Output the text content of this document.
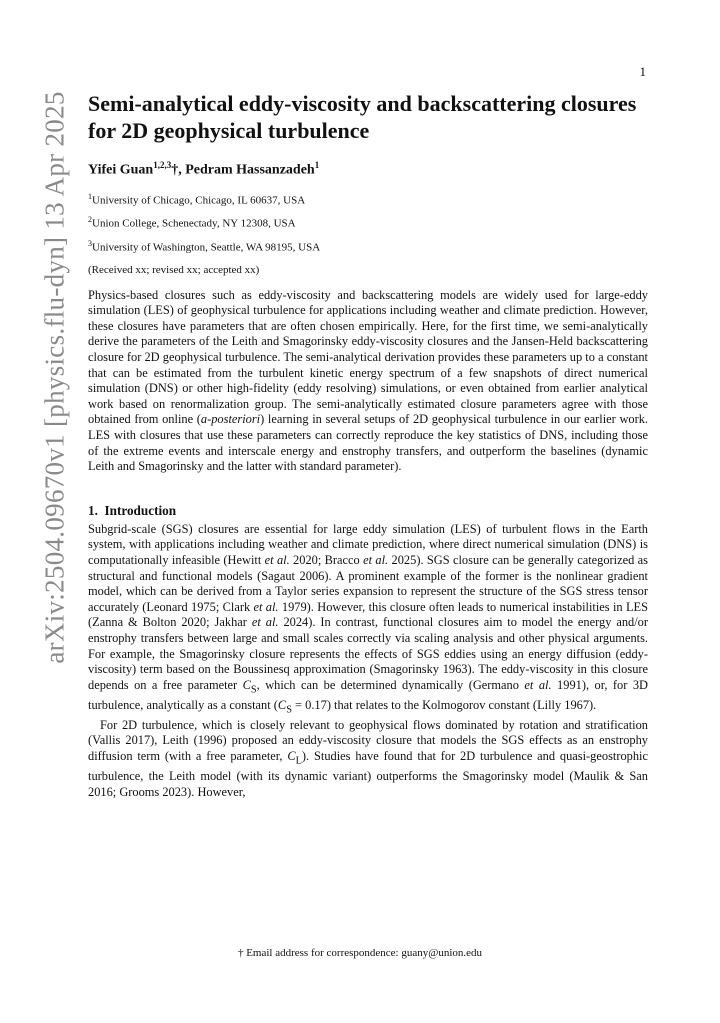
1
arXiv:2504.09670v1 [physics.flu-dyn] 13 Apr 2025 Semi-analytical eddy-viscosity and backscattering closures for 2D geophysical turbulence
Yifei Guan$^{1,2,3}$†, Pedram Hassanzadeh$^1$
$^1$University of Chicago, Chicago, IL 60637, USA
$^2$Union College, Schenectady, NY 12308, USA
$^3$University of Washington, Seattle, WA 98195, USA
(Received xx; revised xx; accepted xx)
Physics-based closures such as eddy-viscosity and backscattering models are widely used for large-eddy simulation (LES) of geophysical turbulence for applications including weather and climate prediction. However, these closures have parameters that are often chosen empirically. Here, for the first time, we semi-analytically derive the parameters of the Leith and Smagorinsky eddy-viscosity closures and the Jansen-Held backscattering closure for 2D geophysical turbulence. The semi-analytical derivation provides these parameters up to a constant that can be estimated from the turbulent kinetic energy spectrum of a few snapshots of direct numerical simulation (DNS) or other high-fidelity (eddy resolving) simulations, or even obtained from earlier analytical work based on renormalization group. The semi-analytically estimated closure parameters agree with those obtained from online (a-posteriori) learning in several setups of 2D geophysical turbulence in our earlier work. LES with closures that use these parameters can correctly reproduce the key statistics of DNS, including those of the extreme events and interscale energy and enstrophy transfers, and outperform the baselines (dynamic Leith and Smagorinsky and the latter with standard parameter).
1. Introduction

Subgrid-scale (SGS) closures are essential for large eddy simulation (LES) of turbulent flows in the Earth system, with applications including weather and climate prediction, where direct numerical simulation (DNS) is computationally infeasible (Hewitt et al. 2020; Bracco et al. 2025). SGS closure can be generally categorized as structural and functional models (Sagaut 2006). A prominent example of the former is the nonlinear gradient model, which can be derived from a Taylor series expansion to represent the structure of the SGS stress tensor accurately (Leonard 1975; Clark et al. 1979). However, this closure often leads to numerical instabilities in LES (Zanna & Bolton 2020; Jakhar et al. 2024). In contrast, functional closures aim to model the energy and/or enstrophy transfers between large and small scales correctly via scaling analysis and other physical arguments. For example, the Smagorinsky closure represents the effects of SGS eddies using an energy diffusion (eddy-viscosity) term based on the Boussinesq approximation (Smagorinsky 1963). The eddy-viscosity in this closure depends on a free parameter $C_S$, which can be determined dynamically (Germano et al. 1991), or, for 3D turbulence, analytically as a constant $(C_S = 0.17)$ that relates to the Kolmogorov constant (Lilly 1967).

For 2D turbulence, which is closely relevant to geophysical flows dominated by rotation and stratification (Vallis 2017), Leith (1996) proposed an eddy-viscosity closure that models the SGS effects as an enstrophy diffusion term (with a free parameter, $C_L$). Studies have found that for 2D turbulence and quasi-geostrophic turbulence, the Leith model (with its dynamic variant) outperforms the Smagorinsky model (Maulik & San 2016; Grooms 2023). However,

† Email address for correspondence: guany@union.edu
